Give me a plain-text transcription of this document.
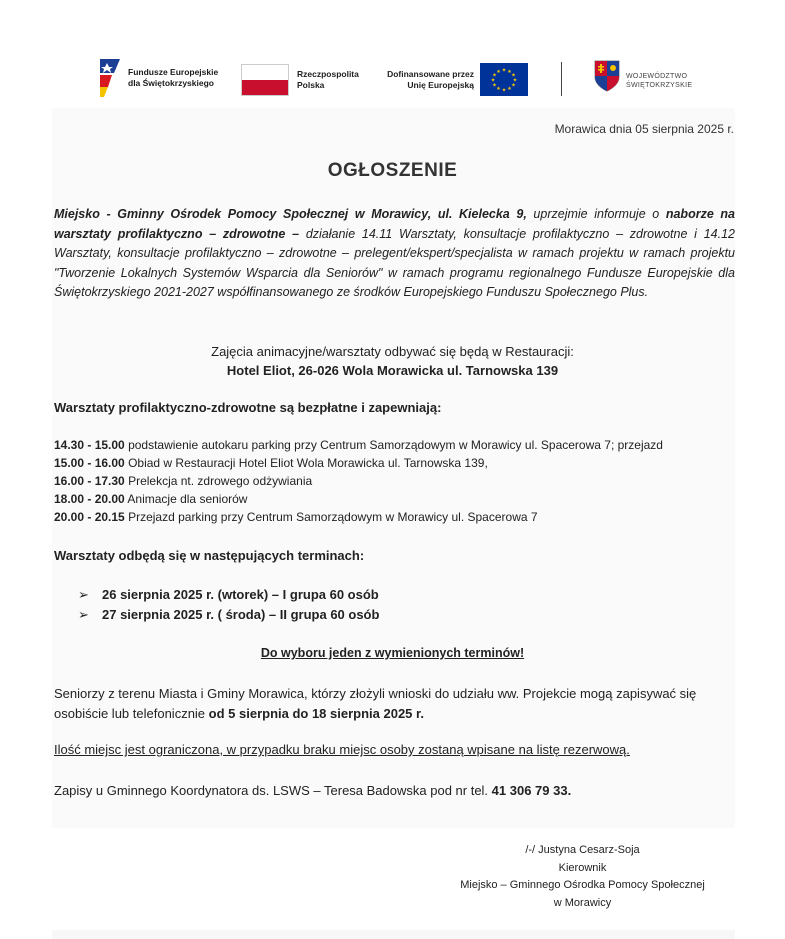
Fundusze Europejskie
dla Świętokrzyskiego
Rzeczpospolita
Polska
Dofinansowane przez
Unię Europejską
★ ★
★
★
★
★
★
★
★
★
★
★
WOJEWÓDZTWO
ŚWIĘTOKRZYSKIE
Morawica dnia 05 sierpnia 2025 r.
OGŁOSZENIE
Miejsko - Gminny Ośrodek Pomocy Społecznej w Morawicy, ul. Kielecka 9, uprzejmie informuje o naborze na warsztaty profilaktyczno – zdrowotne – działanie 14.11 Warsztaty, konsultacje profilaktyczno – zdrowotne i 14.12 Warsztaty, konsultacje profilaktyczno – zdrowotne – prelegent/ekspert/specjalista w ramach projektu w ramach projektu "Tworzenie Lokalnych Systemów Wsparcia dla Seniorów" w ramach programu regionalnego Fundusze Europejskie dla Świętokrzyskiego 2021-2027 współfinansowanego ze środków Europejskiego Funduszu Społecznego Plus.
Zajęcia animacyjne/warsztaty odbywać się będą w Restauracji:
Hotel Eliot, 26-026 Wola Morawicka ul. Tarnowska 139
Warsztaty profilaktyczno-zdrowotne są bezpłatne i zapewniają:
14.30 - 15.00 podstawienie autokaru parking przy Centrum Samorządowym w Morawicy ul. Spacerowa 7; przejazd
15.00 - 16.00 Obiad w Restauracji Hotel Eliot Wola Morawicka ul. Tarnowska 139,
16.00 - 17.30 Prelekcja nt. zdrowego odżywiania
18.00 - 20.00 Animacje dla seniorów
20.00 - 20.15 Przejazd parking przy Centrum Samorządowym w Morawicy ul. Spacerowa 7
Warsztaty odbędą się w następujących terminach:
➢ 26 sierpnia 2025 r. (wtorek) – I grupa 60 osób
➢ 27 sierpnia 2025 r. ( środa) – II grupa 60 osób
Do wyboru jeden z wymienionych terminów!
Seniorzy z terenu Miasta i Gminy Morawica, którzy złożyli wnioski do udziału ww. Projekcie mogą zapisywać się osobiście lub telefonicznie od 5 sierpnia do 18 sierpnia 2025 r.
Ilość miejsc jest ograniczona, w przypadku braku miejsc osoby zostaną wpisane na listę rezerwową.
Zapisy u Gminnego Koordynatora ds. LSWS – Teresa Badowska pod nr tel. 41 306 79 33.
/-/ Justyna Cesarz-Soja
Kierownik
Miejsko – Gminnego Ośrodka Pomocy Społecznej
w Morawicy
